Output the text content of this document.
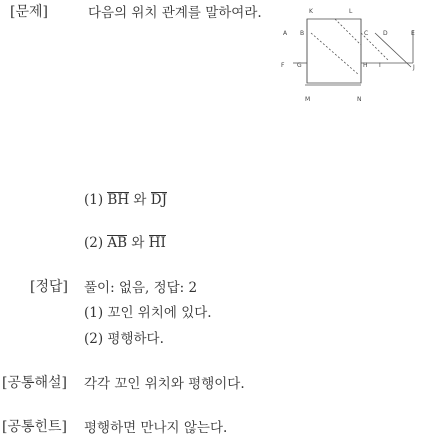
[문제]	다음의 위치 관계를 말하여라.	K	L
A B	C D	E
F G	H I	J
M	N
(1) BH 와 DJ
(2) AB 와 HI
[정답] 풀이: 없음, 정답: 2
(1) 꼬인 위치에 있다.
(2) 평행하다.
[공통해설] 각각 꼬인 위치와 평행이다.
[공통힌트] 평행하면 만나지 않는다.
